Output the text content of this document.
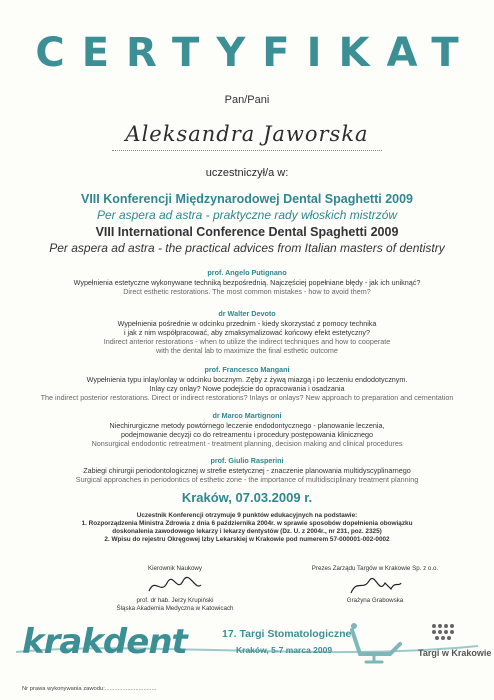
CERTYFIKAT
Pan/Pani
Aleksandra Jaworska
uczestniczył/a w:
VIII Konferencji Międzynarodowej Dental Spaghetti 2009
Per aspera ad astra - praktyczne rady włoskich mistrzów
VIII International Conference Dental Spaghetti 2009
Per aspera ad astra - the practical advices from Italian masters of dentistry
prof. Angelo Putignano
Wypełnienia estetyczne wykonywane techniką bezpośrednią. Najczęściej popełniane błędy - jak ich uniknąć?
Direct esthetic restorations. The most common mistakes - how to avoid them?
dr Walter Devoto
Wypełnienia pośrednie w odcinku przednim - kiedy skorzystać z pomocy technika
i jak z nim współpracować, aby zmaksymalizować końcowy efekt estetyczny?
Indirect anterior restorations - when to utilize the indirect techniques and how to cooperate
with the dental lab to maximize the final esthetic outcome
prof. Francesco Mangani
Wypełnienia typu inlay/onlay w odcinku bocznym. Zęby z żywą miazgą i po leczeniu endodotycznym.
Inlay czy onlay? Nowe podejście do opracowania i osadzania
The indirect posterior restorations. Direct or indirect restorations? Inlays or onlays? New approach to preparation and cementation
dr Marco Martignoni
Niechirurgiczne metody powtórnego leczenie endodontycznego - planowanie leczenia,
podejmowanie decyzji co do retreamentu i procedury postępowania klinicznego
Nonsurgical endodontic retreatment - treatment planning, decision making and clinical procedures
prof. Giulio Rasperini
Zabiegi chirurgii periodontologicznej w strefie estetycznej - znaczenie planowania multidyscyplinarnego
Surgical approaches in periodontics of esthetic zone - the importance of multidisciplinary treatment planning
Kraków, 07.03.2009 r.
Uczestnik Konferencji otrzymuje 9 punktów edukacyjnych na podstawie:
1. Rozporządzenia Ministra Zdrowia z dnia 6 października 2004r. w sprawie sposobów dopełnienia obowiązku
doskonalenia zawodowego lekarzy i lekarzy dentystów (Dz. U. z 2004r., nr 231, poz. 2325)
2. Wpisu do rejestru Okręgowej Izby Lekarskiej w Krakowie pod numerem 57-000001-002-0002
Kierownik Naukowy
prof. dr hab. Jerzy Krupiński
Śląska Akademia Medyczna w Katowicach
Prezes Zarządu Targów w Krakowie Sp. z o.o.
Grażyna Grabowska
krakdent	17. Targi Stomatologiczne
Kraków, 5-7 marca 2009	Targi w Krakowie
Nr prawa wykonywania zawodu:................................
